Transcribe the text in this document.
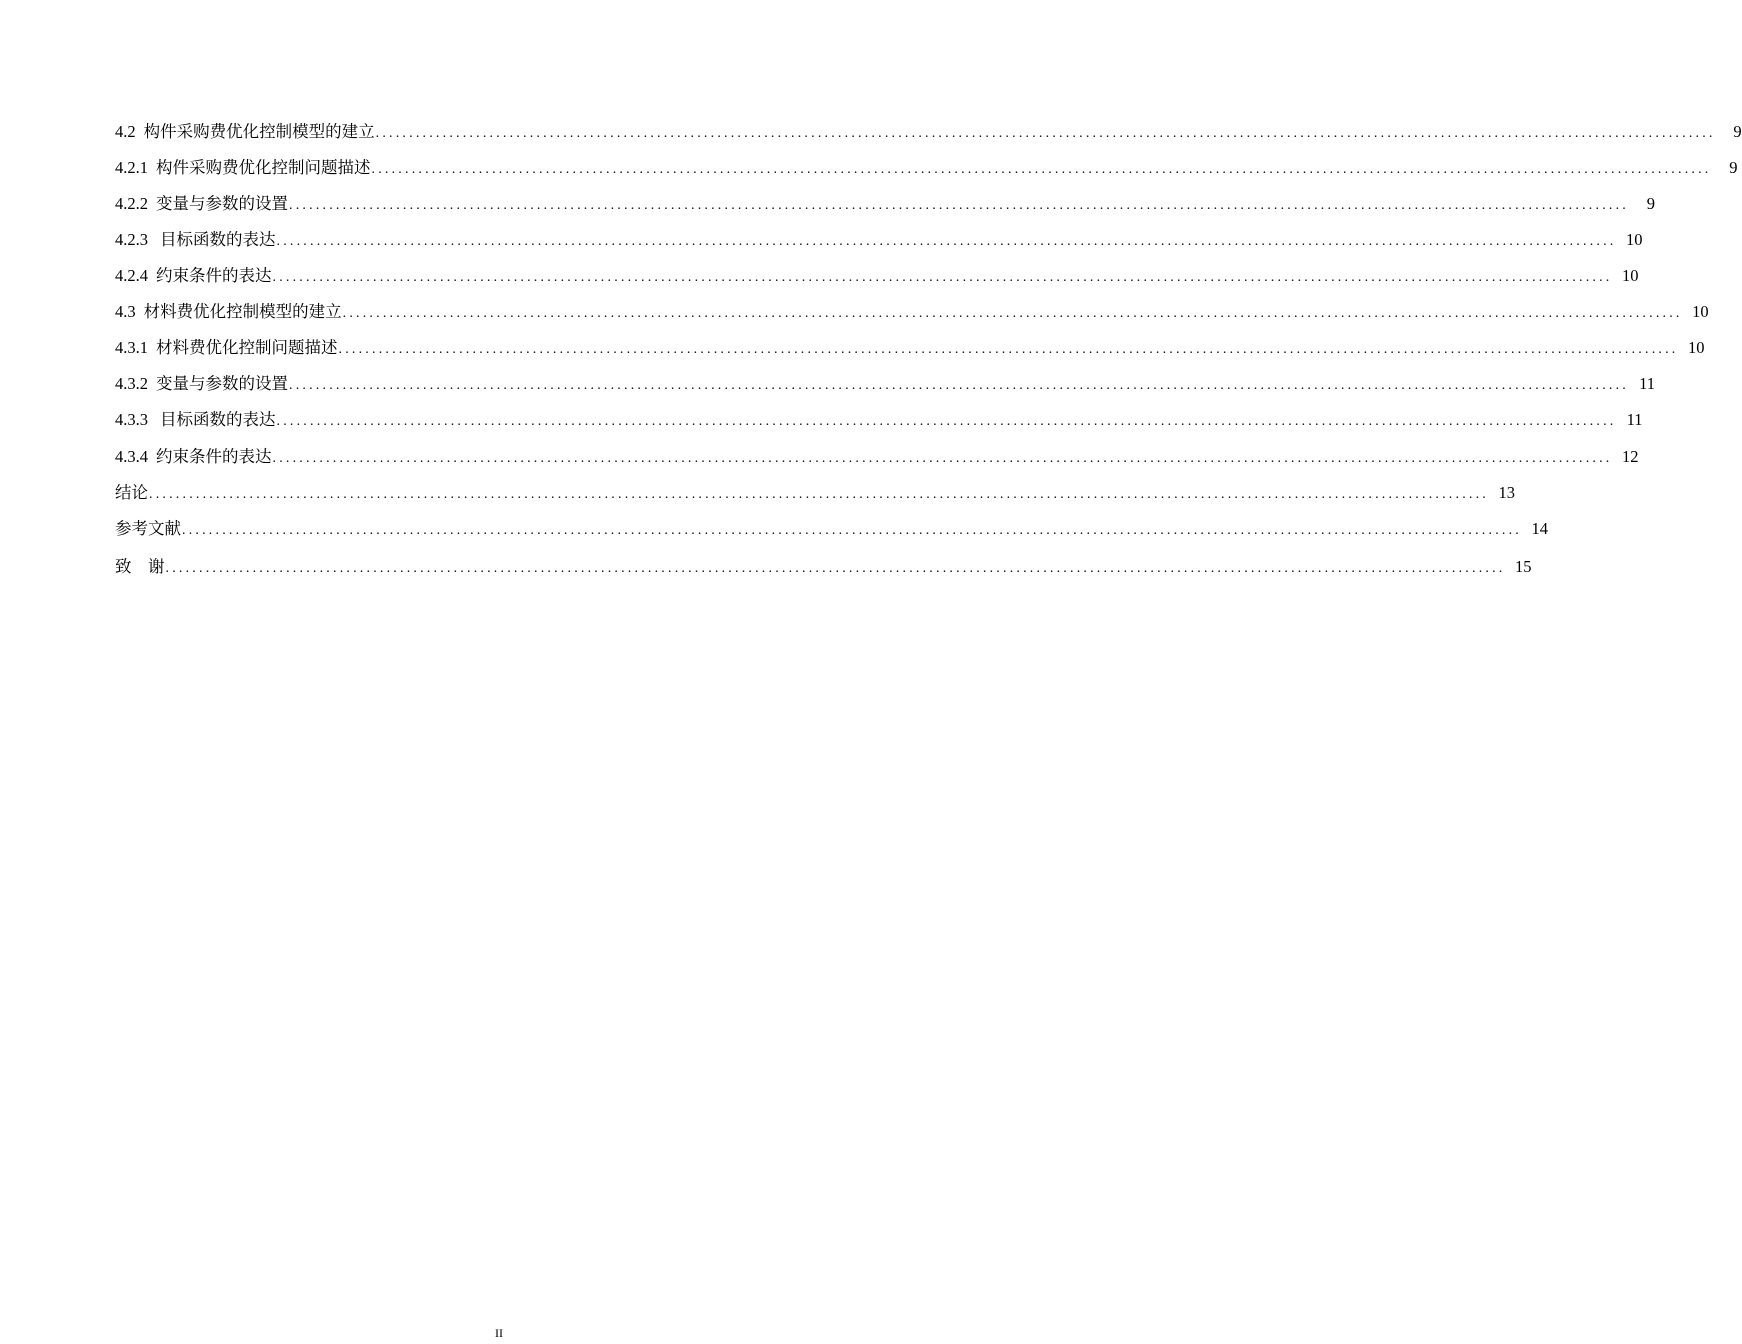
4.2 构件采购费优化控制模型的建立 ........................................................................................................................................................................................................	9
4.2.1 构件采购费优化控制问题描述 ........................................................................................................................................................................................................	9
4.2.2 变量与参数的设置 ........................................................................................................................................................................................................	9
4.2.3 目标函数的表达 ........................................................................................................................................................................................................ 10
4.2.4 约束条件的表达 ........................................................................................................................................................................................................ 10
4.3 材料费优化控制模型的建立 ........................................................................................................................................................................................................ 10
4.3.1 材料费优化控制问题描述 ........................................................................................................................................................................................................ 10
4.3.2 变量与参数的设置 ........................................................................................................................................................................................................ 11
4.3.3 目标函数的表达 ........................................................................................................................................................................................................ 11
4.3.4 约束条件的表达 ........................................................................................................................................................................................................ 12
结论 ........................................................................................................................................................................................................ 13
参考文献 ........................................................................................................................................................................................................ 14
致　谢 ........................................................................................................................................................................................................ 15
II
